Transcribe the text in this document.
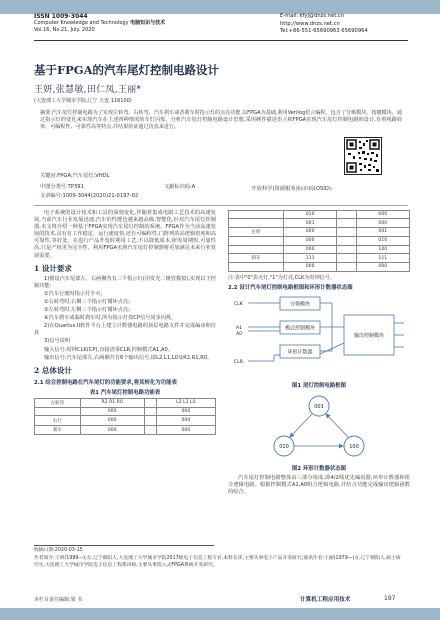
ISSN 1009-3044
Computer Knowledge and Technology 电脑知识与技术
Vol.16, No.21, July. 2020
E-mail: kfyj@dnzs.net.cn
http://www.dnzs.net.cn
Tel:+86-551-65690963 65690964
基于FPGA的汽车尾灯控制电路设计
王妍,张慧敏,田仁凤,王丽*
(大连理工大学城市学院,辽宁 大连 116100)

摘要:汽车尾灯控制电路为了实现左转弯、右转弯、汽车刹车或者刹车时指示灯的点亮功能,以FPGA为基础,利用Verilog语言编程。包含了分频模块、按键模块、通过指示灯的变化来实现汽车在上述四种情况的车灯闪烁。分析汽车尾灯控制电路设计思想,采用硬件描述语言和FPGA实现汽车尾灯控制电路的设计,有着线路简单、可编程性、可靠性高等特点,并结果验证通过仿真来进行。

关键词:FPGA;汽车尾灯;VHDL
中图分类号:TP391	文献标识码:A
文章编号:1009-3044(2020)21-0197-02
开放科学(资源服务)标识码(OSID):

电子系统的设计技术和工具的深刻变化,伴随着集成电路工艺技术的高速发展,当前汽车行业发展迅速,汽车的性能也越来越高级,智能化,针对汽车尾灯控制器,本文将介绍一种基于FPGA实现汽车尾灯控制的系统。FPGA作为当前高速发展的技术,具有有工作稳定、运行速度快,还有可编程性,门阵列的高逻辑密度和高可靠性,等好处。在进行产品开发时利用工艺,不以降低成本,研发周期短,可靠性高,只是产权更为完全性。利用FPGA实现汽车尾灯控制器将更加满足未来行业发展需要。

1 设计要求

1)假设汽车尾部左、右两侧各有三个指示灯(用发光二极管模拟),实现以下控制功能:

①汽车行驶时指示灯全灭;

②右转弯时,右侧三个指示灯循环点亮;

③左转弯时,左侧三个指示灯循环点亮;

④汽车刹车或临时刹车时,所有指示灯按CP信号同步闪烁。

2)在Quartus II软件平台上建立计数器电路的顶层电路文件并完成编译和仿真

3)信号说明

输入信号:时钟CLK(CP),直接清零CLR,控制模式A1,A0。

输出信号:汽车尾部左,右两侧共有6个输出信号,即L2,L1,L0及R2,R1,R0。

2 总体设计
2.1 结合控制电路在汽车尾灯的功能要求,将其转化为功能表
表1 汽车尾灯控制电路功能表
左转弯	R2 R1 R0		L2 L1 L0
	000		000
右行	000		000
刹车	000		000
	010		000
	001		000
左转	000		001
	000		010
	000		100
刹车	111		111
	000		000
注:表中"0"表灭灯,"1"为灯亮,CLK为时钟信号。
2.2 设计汽车尾灯控制电路框图和环形计数器状态图
分频模块
输出控制模块
模式控制模块
环形计数器
CLK
A1
A0
CLR
图1 尾灯控制电路框图
001
010	100
图2 环形计数器状态图

汽车尾灯控制电路整体由三部分组成,即4/2线优先编码器,环形计数器和组合逻辑电路。根据控制模式A1,A0组合逻辑电路,并结合功能完成输出逻辑函数的综合。

收稿日期:2020-03-15
作者简介:王妍(1999—),女,辽宁朝阳人,大连理工大学城市学院2017级电子信息工程专业,本科在读,主要从事电子产品开发研究;通讯作者:王丽(1979—)女,辽宁朝阳人,硕士研究生,大连理工大学城市学院电子信息工程系讲师,主要从事嵌入式FPGA系统开发研究。
本栏目责任编辑:梁 书	计算机工程应用技术	197
